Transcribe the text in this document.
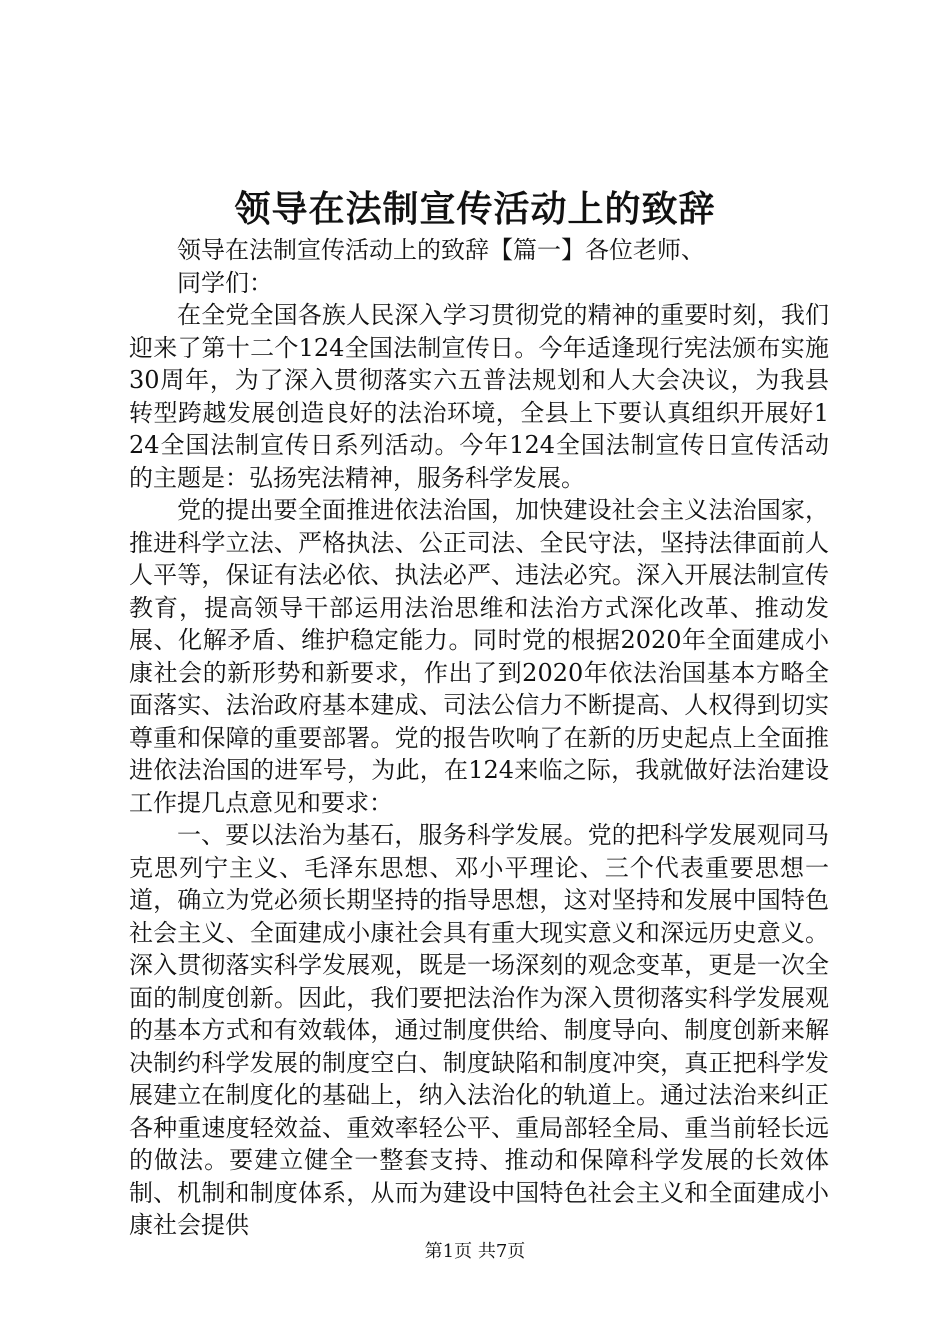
领导在法制宣传活动上的致辞

领导在法制宣传活动上的致辞【篇一】各位老师、

同学们：

在全党全国各族人民深入学习贯彻党的精神的重要时刻，我们迎来了第十二个124全国法制宣传日。今年适逢现行宪法颁布实施30周年，为了深入贯彻落实六五普法规划和人大会决议，为我县转型跨越发展创造良好的法治环境，全县上下要认真组织开展好124全国法制宣传日系列活动。今年124全国法制宣传日宣传活动的主题是：弘扬宪法精神，服务科学发展。

党的提出要全面推进依法治国，加快建设社会主义法治国家，推进科学立法、严格执法、公正司法、全民守法，坚持法律面前人人平等，保证有法必依、执法必严、违法必究。深入开展法制宣传教育，提高领导干部运用法治思维和法治方式深化改革、推动发展、化解矛盾、维护稳定能力。同时党的根据2020年全面建成小康社会的新形势和新要求，作出了到2020年依法治国基本方略全面落实、法治政府基本建成、司法公信力不断提高、人权得到切实尊重和保障的重要部署。党的报告吹响了在新的历史起点上全面推进依法治国的进军号，为此，在124来临之际，我就做好法治建设工作提几点意见和要求：

一、要以法治为基石，服务科学发展。党的把科学发展观同马克思列宁主义、毛泽东思想、邓小平理论、三个代表重要思想一道，确立为党必须长期坚持的指导思想，这对坚持和发展中国特色社会主义、全面建成小康社会具有重大现实意义和深远历史意义。深入贯彻落实科学发展观，既是一场深刻的观念变革，更是一次全面的制度创新。因此，我们要把法治作为深入贯彻落实科学发展观的基本方式和有效载体，通过制度供给、制度导向、制度创新来解决制约科学发展的制度空白、制度缺陷和制度冲突，真正把科学发展建立在制度化的基础上，纳入法治化的轨道上。通过法治来纠正各种重速度轻效益、重效率轻公平、重局部轻全局、重当前轻长远的做法。要建立健全一整套支持、推动和保障科学发展的长效体制、机制和制度体系，从而为建设中国特色社会主义和全面建成小康社会提供

第1页 共7页
